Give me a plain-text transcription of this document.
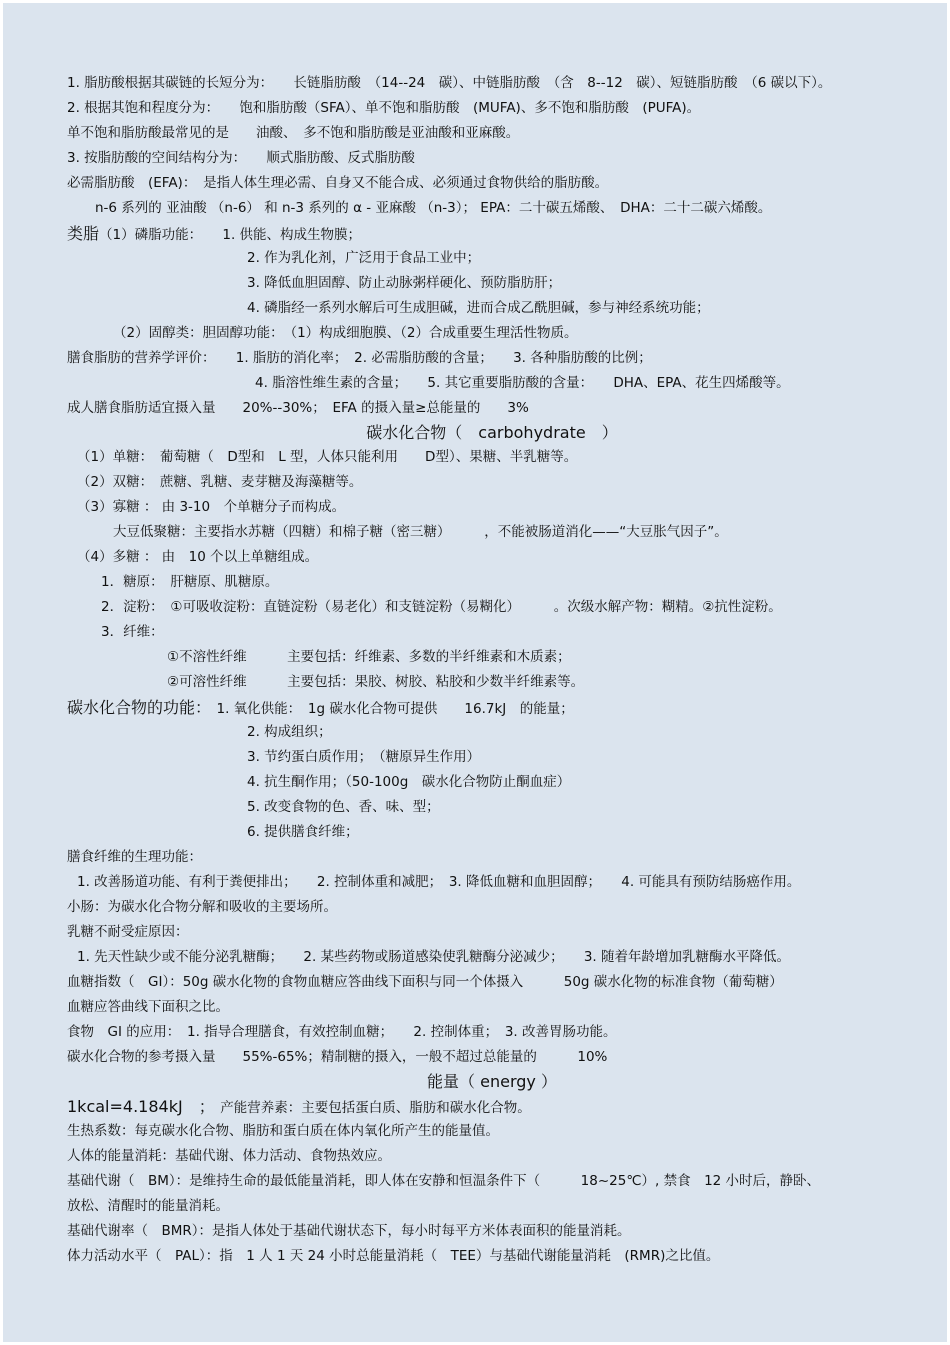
1. 脂肪酸根据其碳链的长短分为：　　长链脂肪酸　（14--24　碳）、中链脂肪酸　（含　8--12　碳）、短链脂肪酸　（6 碳以下）。
2. 根据其饱和程度分为：　　饱和脂肪酸（SFA）、单不饱和脂肪酸　(MUFA)、多不饱和脂肪酸　(PUFA)。
单不饱和脂肪酸最常见的是　　油酸、　多不饱和脂肪酸是亚油酸和亚麻酸。
3. 按脂肪酸的空间结构分为：　　顺式脂肪酸、反式脂肪酸
必需脂肪酸　(EFA)：　是指人体生理必需、自身又不能合成、必须通过食物供给的脂肪酸。
n-6 系列的 亚油酸 （n-6） 和 n-3 系列的 α - 亚麻酸 （n-3）； EPA：二十碳五烯酸、　DHA：二十二碳六烯酸。
类脂（1）磷脂功能：　　1. 供能、构成生物膜；
2. 作为乳化剂，广泛用于食品工业中；
3. 降低血胆固醇、防止动脉粥样硬化、预防脂肪肝；
4. 磷脂经一系列水解后可生成胆碱，进而合成乙酰胆碱，参与神经系统功能；
（2）固醇类：胆固醇功能：　（1）构成细胞膜、（2）合成重要生理活性物质。
膳食脂肪的营养学评价：　　1. 脂肪的消化率；　2. 必需脂肪酸的含量；　　3. 各种脂肪酸的比例；
4. 脂溶性维生素的含量；　　5. 其它重要脂肪酸的含量：　　DHA、EPA、花生四烯酸等。
成人膳食脂肪适宜摄入量　　20%--30%；　EFA 的摄入量≥总能量的　　3%
碳水化合物（　carbohydrate　）
（1）单糖：　葡萄糖（　D型和　L 型，人体只能利用　　D型）、果糖、半乳糖等。
（2）双糖：　蔗糖、乳糖、麦芽糖及海藻糖等。
（3）寡糖 ： 由 3-10　个单糖分子而构成。
大豆低聚糖：主要指水苏糖（四糖）和棉子糖（密三糖）　　　，不能被肠道消化——“大豆胀气因子”。
（4）多糖 ： 由　10 个以上单糖组成。
1．糖原：　肝糖原、肌糖原。
2．淀粉：　①可吸收淀粉：直链淀粉（易老化）和支链淀粉（易糊化）　　　。次级水解产物：糊精。②抗性淀粉。
3．纤维：
①不溶性纤维　　　主要包括：纤维素、多数的半纤维素和木质素；
②可溶性纤维　　　主要包括：果胶、树胶、粘胶和少数半纤维素等。
碳水化合物的功能：　1. 氧化供能：　1g 碳水化合物可提供　　16.7kJ　的能量；
2. 构成组织；
3. 节约蛋白质作用；　（糖原异生作用）
4. 抗生酮作用；（50-100g　碳水化合物防止酮血症）
5. 改变食物的色、香、味、型；
6. 提供膳食纤维；
膳食纤维的生理功能：
1. 改善肠道功能、有利于粪便排出；　　2. 控制体重和减肥；　3. 降低血糖和血胆固醇；　　4. 可能具有预防结肠癌作用。
小肠：为碳水化合物分解和吸收的主要场所。
乳糖不耐受症原因：
1. 先天性缺少或不能分泌乳糖酶；　　2. 某些药物或肠道感染使乳糖酶分泌减少；　　3. 随着年龄增加乳糖酶水平降低。
血糖指数（　GI）：50g 碳水化物的食物血糖应答曲线下面积与同一个体摄入　　　50g 碳水化物的标准食物（葡萄糖）
血糖应答曲线下面积之比。
食物　GI 的应用：　1. 指导合理膳食，有效控制血糖；　　2. 控制体重；　3. 改善胃肠功能。
碳水化合物的参考摄入量　　55%-65%；精制糖的摄入，一般不超过总能量的　　　10%
能量（ energy ）
1kcal=4.184kJ　；　产能营养素：主要包括蛋白质、脂肪和碳水化合物。
生热系数：每克碳水化合物、脂肪和蛋白质在体内氧化所产生的能量值。
人体的能量消耗：基础代谢、体力活动、食物热效应。
基础代谢（　BM）：是维持生命的最低能量消耗，即人体在安静和恒温条件下（　　　18~25℃）, 禁食　12 小时后，静卧、
放松、清醒时的能量消耗。
基础代谢率（　BMR）：是指人体处于基础代谢状态下，每小时每平方米体表面积的能量消耗。
体力活动水平（　PAL）：指　1 人 1 天 24 小时总能量消耗（　TEE）与基础代谢能量消耗　(RMR)之比值。
